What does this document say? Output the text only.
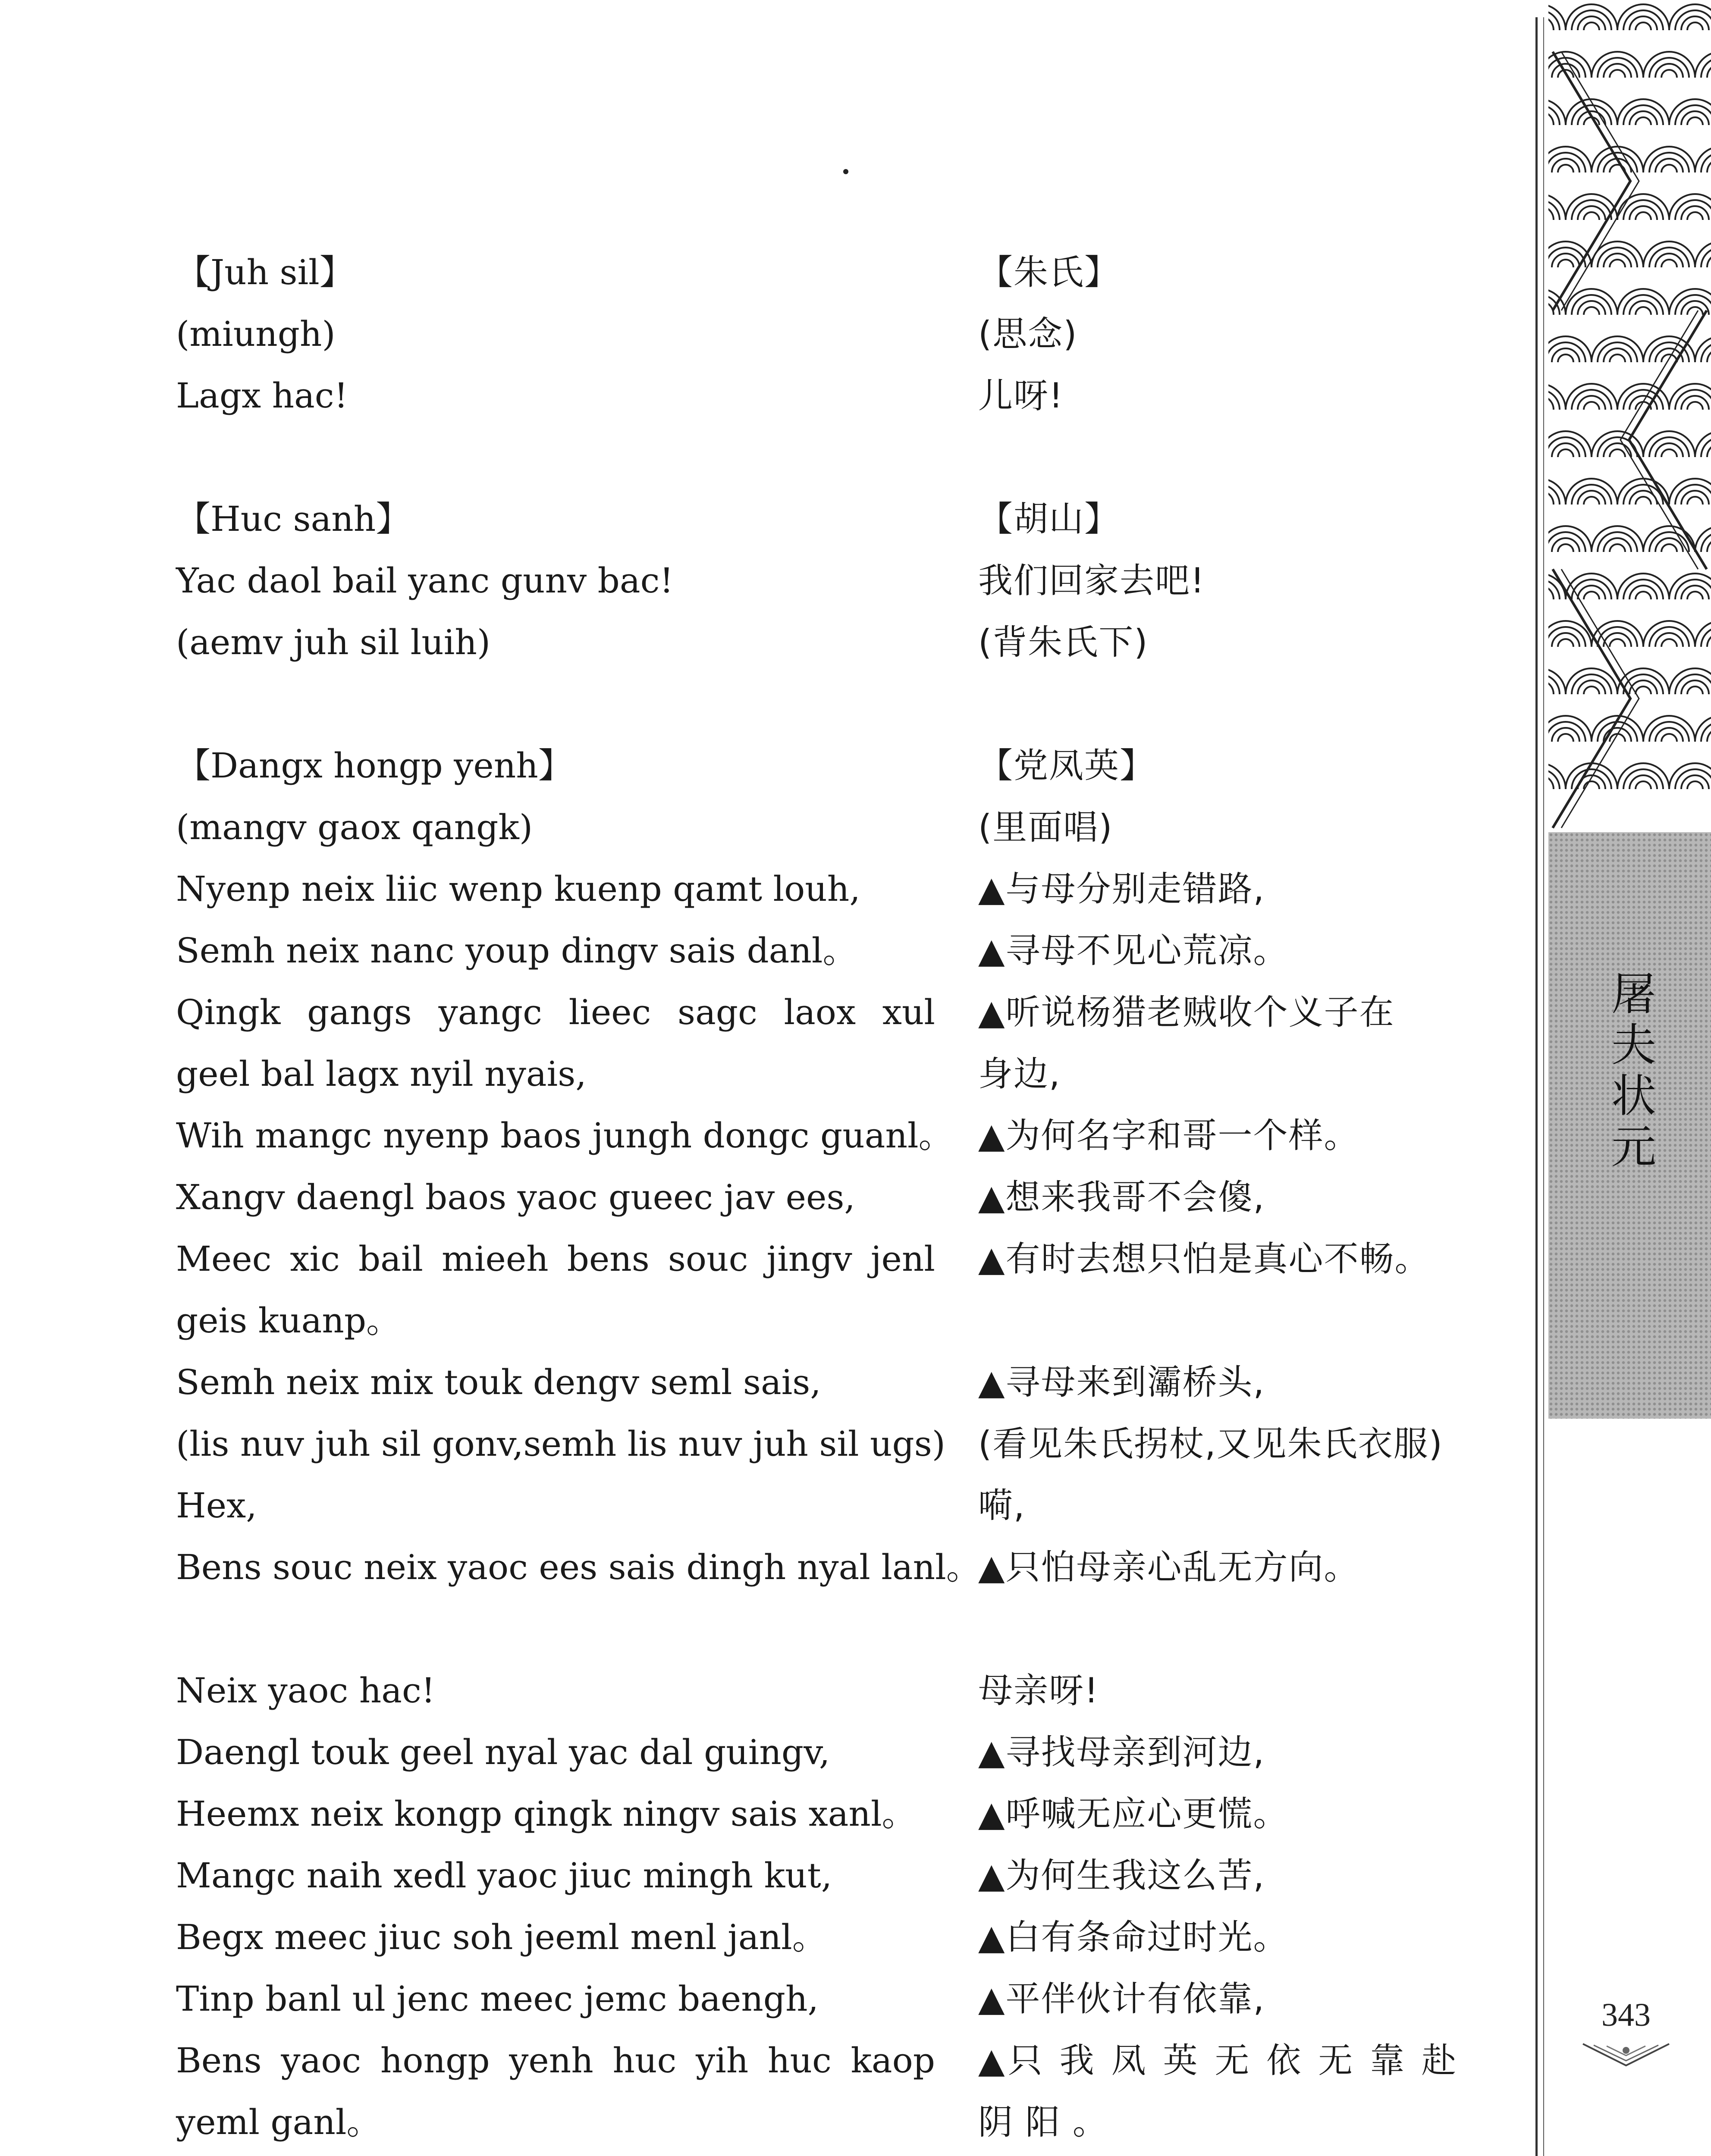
【Juh sil】
(miungh)
Lagx hac!
【Huc sanh】
Yac daol bail yanc gunv bac!
(aemv juh sil luih)
【Dangx hongp yenh】
(mangv gaox qangk)
Nyenp neix liic wenp kuenp qamt louh,
Semh neix nanc youp dingv sais danl。
Qingk gangs yangc lieec sagc laox xul
geel bal lagx nyil nyais,
Wih mangc nyenp baos jungh dongc guanl。
Xangv daengl baos yaoc gueec jav ees,
Meec xic bail mieeh bens souc jingv jenl
geis kuanp。
Semh neix mix touk dengv seml sais,
(lis nuv juh sil gonv,semh lis nuv juh sil ugs)
Hex,
Bens souc neix yaoc ees sais dingh nyal lanl。
Neix yaoc hac!
Daengl touk geel nyal yac dal guingv,
Heemx neix kongp qingk ningv sais xanl。
Mangc naih xedl yaoc jiuc mingh kut,
Begx meec jiuc soh jeeml menl janl。
Tinp banl ul jenc meec jemc baengh,
Bens yaoc hongp yenh huc yih huc kaop
yeml ganl。
【朱氏】
(思念)
儿呀!
【胡山】
我们回家去吧!
(背朱氏下)
【党凤英】
(里面唱)
▲与母分别走错路,
▲寻母不见心荒凉。
▲听说杨猎老贼收个义子在
身边,
▲为何名字和哥一个样。
▲想来我哥不会傻,
▲有时去想只怕是真心不畅。
▲寻母来到灞桥头,
(看见朱氏拐杖,又见朱氏衣服)
嗬,
▲只怕母亲心乱无方向。
母亲呀!
▲寻找母亲到河边,
▲呼喊无应心更慌。
▲为何生我这么苦,
▲白有条命过时光。
▲平伴伙计有依靠,
▲只 我 凤 英 无 依 无 靠 赴
阴 阳 。
屠夫状元
343
